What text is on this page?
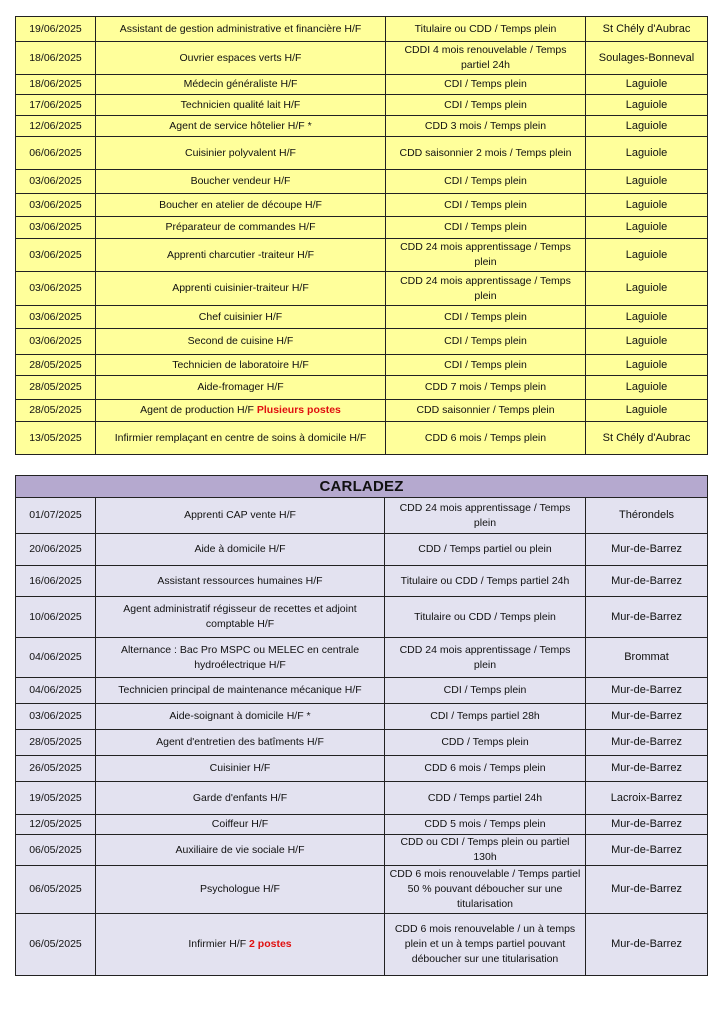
19/06/2025	Assistant de gestion administrative et financière H/F	Titulaire ou CDD / Temps plein	St Chély d'Aubrac
18/06/2025	Ouvrier espaces verts H/F	CDDI 4 mois renouvelable / Temps partiel 24h	Soulages-Bonneval
18/06/2025	Médecin généraliste H/F	CDI / Temps plein	Laguiole
17/06/2025	Technicien qualité lait H/F	CDI / Temps plein	Laguiole
12/06/2025	Agent de service hôtelier H/F *	CDD 3 mois / Temps plein	Laguiole
06/06/2025	Cuisinier polyvalent H/F	CDD saisonnier 2 mois / Temps plein	Laguiole
03/06/2025	Boucher vendeur H/F	CDI / Temps plein	Laguiole
03/06/2025	Boucher en atelier de découpe H/F	CDI / Temps plein	Laguiole
03/06/2025	Préparateur de commandes H/F	CDI / Temps plein	Laguiole
03/06/2025	Apprenti charcutier -traiteur H/F	CDD 24 mois apprentissage / Temps plein	Laguiole
03/06/2025	Apprenti cuisinier-traiteur H/F	CDD 24 mois apprentissage / Temps plein	Laguiole
03/06/2025	Chef cuisinier H/F	CDI / Temps plein	Laguiole
03/06/2025	Second de cuisine H/F	CDI / Temps plein	Laguiole
28/05/2025	Technicien de laboratoire H/F	CDI / Temps plein	Laguiole
28/05/2025	Aide-fromager H/F	CDD 7 mois / Temps plein	Laguiole
28/05/2025	Agent de production H/F Plusieurs postes	CDD saisonnier / Temps plein	Laguiole
13/05/2025	Infirmier remplaçant en centre de soins à domicile H/F	CDD 6 mois / Temps plein	St Chély d'Aubrac
CARLADEZ			
01/07/2025	Apprenti CAP vente H/F	CDD 24 mois apprentissage / Temps plein	Thérondels
20/06/2025	Aide à domicile H/F	CDD / Temps partiel ou plein	Mur-de-Barrez
16/06/2025	Assistant ressources humaines H/F	Titulaire ou CDD / Temps partiel 24h	Mur-de-Barrez
10/06/2025	Agent administratif régisseur de recettes et adjoint comptable H/F	Titulaire ou CDD / Temps plein	Mur-de-Barrez
04/06/2025	Alternance : Bac Pro MSPC ou MELEC en centrale hydroélectrique H/F	CDD 24 mois apprentissage / Temps plein	Brommat
04/06/2025	Technicien principal de maintenance mécanique H/F	CDI / Temps plein	Mur-de-Barrez
03/06/2025	Aide-soignant à domicile H/F *	CDI / Temps partiel 28h	Mur-de-Barrez
28/05/2025	Agent d'entretien des batîments H/F	CDD / Temps plein	Mur-de-Barrez
26/05/2025	Cuisinier H/F	CDD 6 mois / Temps plein	Mur-de-Barrez
19/05/2025	Garde d'enfants H/F	CDD / Temps partiel 24h	Lacroix-Barrez
12/05/2025	Coiffeur H/F	CDD 5 mois / Temps plein	Mur-de-Barrez
06/05/2025	Auxiliaire de vie sociale H/F	CDD ou CDI / Temps plein ou partiel 130h	Mur-de-Barrez
06/05/2025	Psychologue H/F	CDD 6 mois renouvelable / Temps partiel 50 % pouvant déboucher sur une titularisation	Mur-de-Barrez
06/05/2025	Infirmier H/F 2 postes	CDD 6 mois renouvelable / un à temps plein et un à temps partiel pouvant déboucher sur une titularisation	Mur-de-Barrez
